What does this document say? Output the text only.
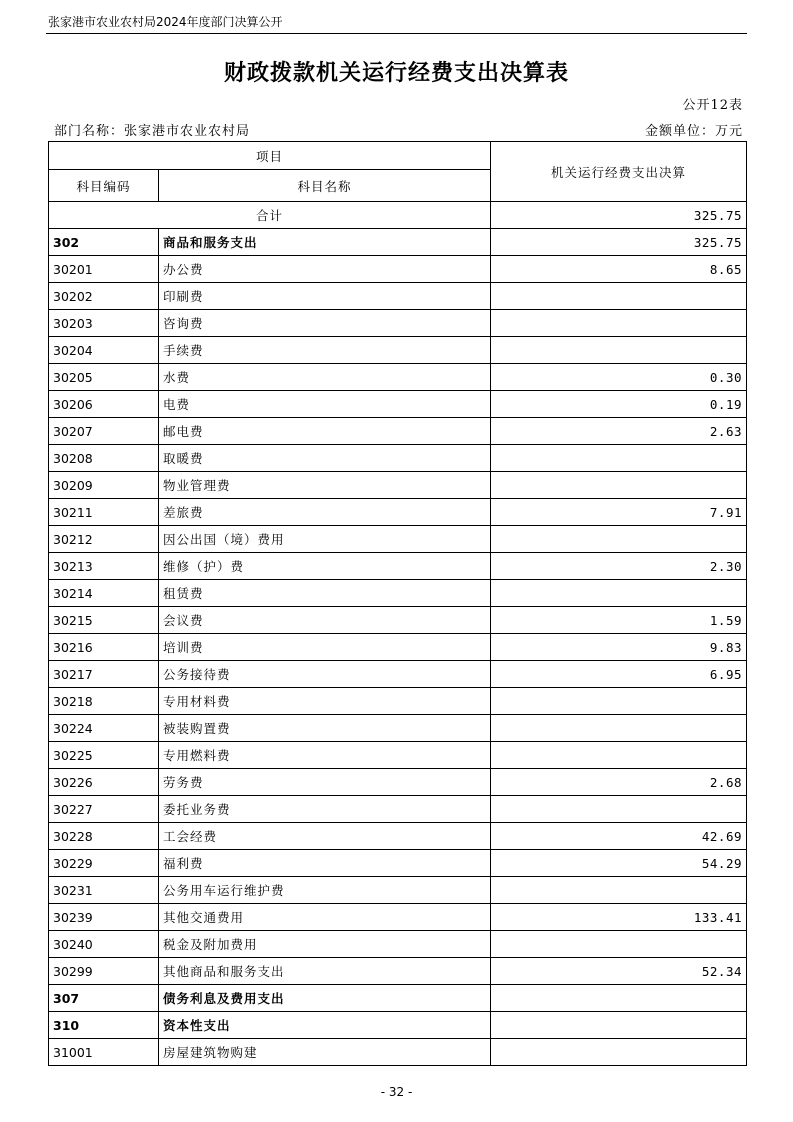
张家港市农业农村局2024年度部门决算公开
财政拨款机关运行经费支出决算表
公开12表
部门名称：张家港市农业农村局	金额单位：万元
项目		机关运行经费支出决算
科目编码	科目名称	
合计		325.75
302	商品和服务支出	325.75
30201	办公费	8.65
30202	印刷费	
30203	咨询费	
30204	手续费	
30205	水费	0.30
30206	电费	0.19
30207	邮电费	2.63
30208	取暖费	
30209	物业管理费	
30211	差旅费	7.91
30212	因公出国（境）费用	
30213	维修（护）费	2.30
30214	租赁费	
30215	会议费	1.59
30216	培训费	9.83
30217	公务接待费	6.95
30218	专用材料费	
30224	被装购置费	
30225	专用燃料费	
30226	劳务费	2.68
30227	委托业务费	
30228	工会经费	42.69
30229	福利费	54.29
30231	公务用车运行维护费	
30239	其他交通费用	133.41
30240	税金及附加费用	
30299	其他商品和服务支出	52.34
307	债务利息及费用支出	
310	资本性支出	
31001	房屋建筑物购建	
- 32 -
